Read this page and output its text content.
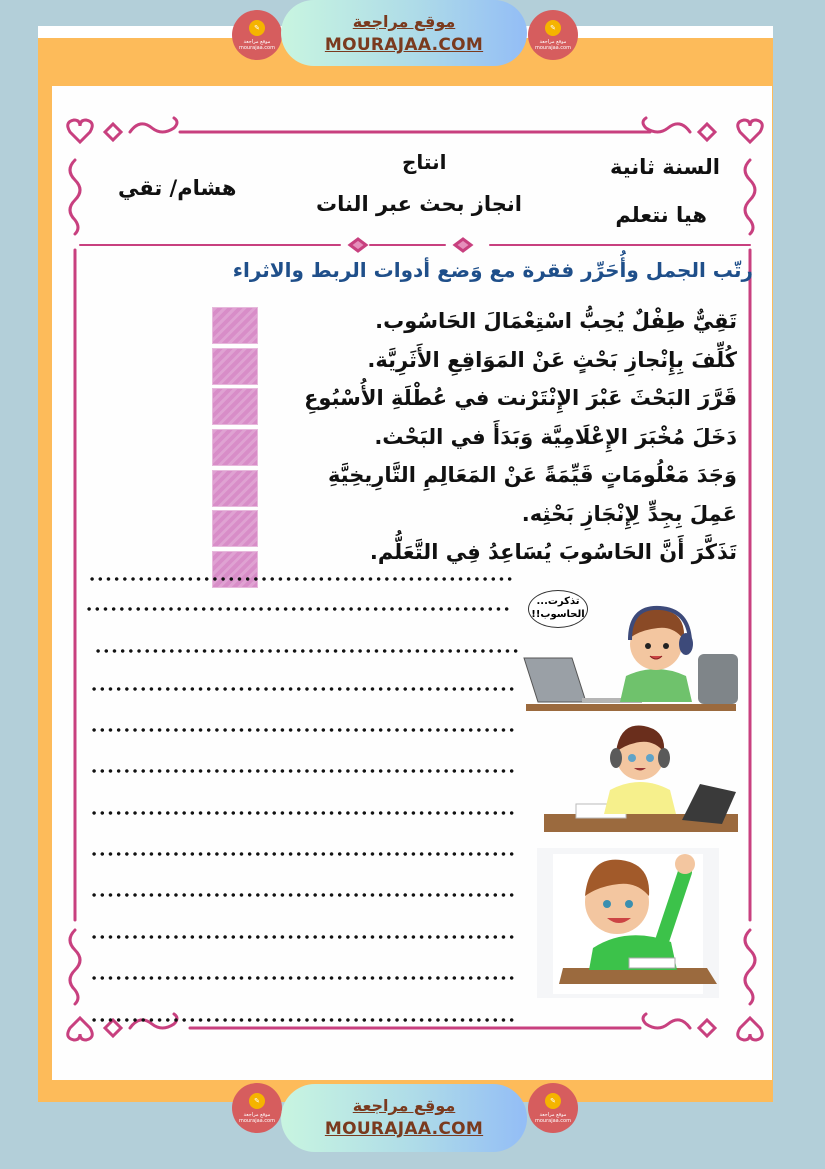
✎
موقع مراجعة
mourajaa.com
موقع مراجعة
MOURAJAA.COM
✎
موقع مراجعة
mourajaa.com
السنة ثانية
هيا نتعلم
انتاج
انجاز بحث عبر النات
هشام/ تقي
رتّب الجمل وأُحَرِّر فقرة مع وَضع أدوات الربط والاثراء
تَقِيٌّ طِفْلٌ يُحِبُّ اسْتِعْمَالَ الحَاسُوب.
كُلِّفَ بِإِنْجازِ بَحْثٍ عَنْ المَوَاقِعِ الأَثَرِيَّة.
قَرَّرَ البَحْثَ عَبْرَ الإِنْتَرْنت في عُطْلَةِ الأُسْبُوعِ
دَخَلَ مُخْبَرَ الإِعْلَامِيَّة وَبَدَأَ في البَحْث.
وَجَدَ مَعْلُومَاتٍ قَيِّمَةً عَنْ المَعَالِمِ التَّارِيخِيَّةِ
عَمِلَ بِجِدٍّ لِإِنْجَازِ بَحْثِه.
تَذَكَّرَ أَنَّ الحَاسُوبَ يُسَاعِدُ فِي التَّعَلُّم.
تذكرت...
الحاسوب!!
✎
موقع مراجعة
mourajaa.com
موقع مراجعة
MOURAJAA.COM
✎
موقع مراجعة
mourajaa.com
